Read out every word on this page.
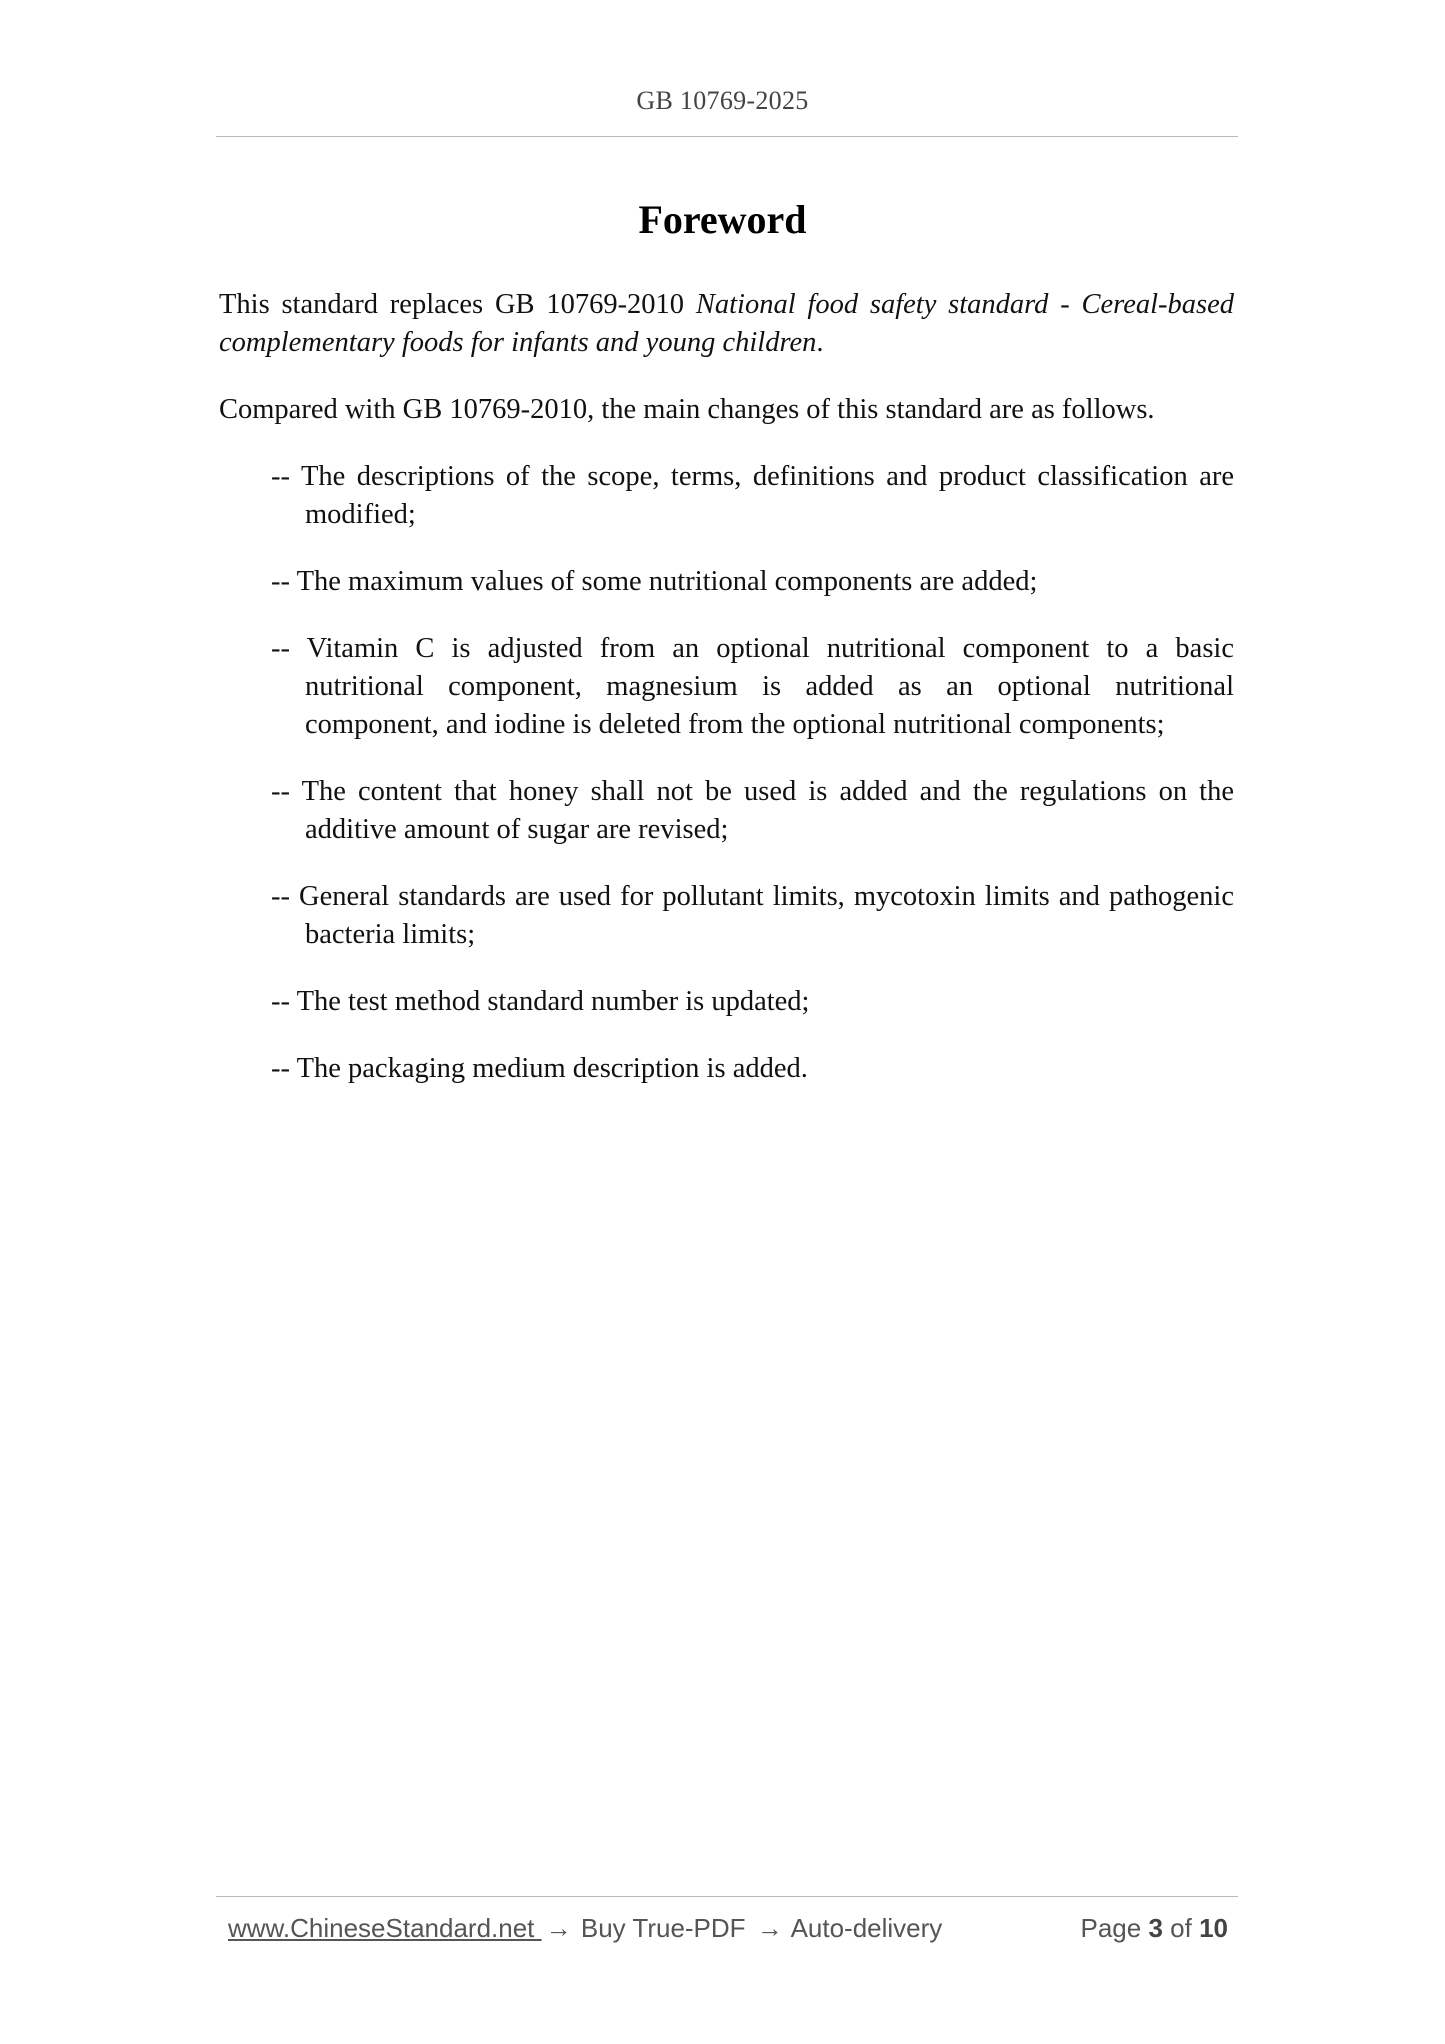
GB 10769-2025
Foreword

This standard replaces GB 10769-2010 National food safety standard - Cereal-based complementary foods for infants and young children.

Compared with GB 10769-2010, the main changes of this standard are as follows.

-- The descriptions of the scope, terms, definitions and product classification are modified;
-- The maximum values of some nutritional components are added;
-- Vitamin C is adjusted from an optional nutritional component to a basic nutritional component, magnesium is added as an optional nutritional component, and iodine is deleted from the optional nutritional components;
-- The content that honey shall not be used is added and the regulations on the additive amount of sugar are revised;
-- General standards are used for pollutant limits, mycotoxin limits and pathogenic bacteria limits;
-- The test method standard number is updated;
-- The packaging medium description is added.
www.ChineseStandard.net → Buy True-PDF → Auto-delivery	Page 3 of 10
